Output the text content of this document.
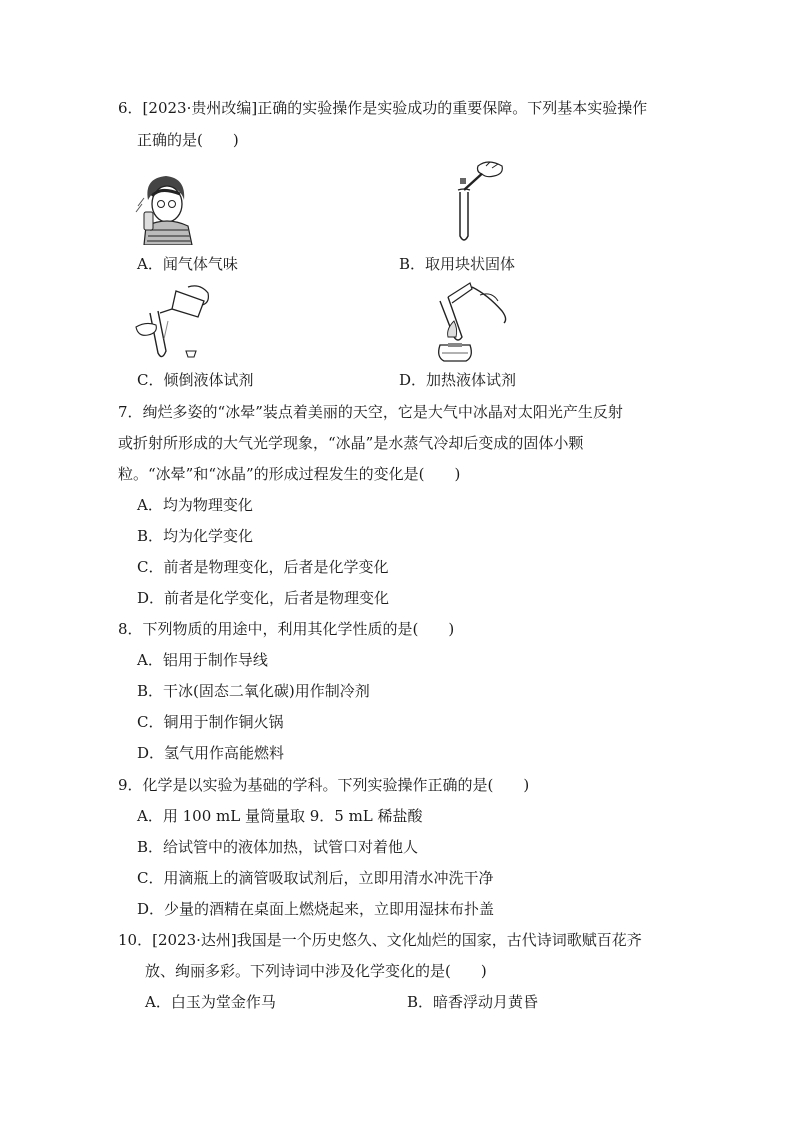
6．[2023·贵州改编]正确的实验操作是实验成功的重要保障。下列基本实验操作
正确的是(　　)
A．闻气体气味	B．取用块状固体
C．倾倒液体试剂	D．加热液体试剂
7．绚烂多姿的“冰晕”装点着美丽的天空，它是大气中冰晶对太阳光产生反射
或折射所形成的大气光学现象，“冰晶”是水蒸气冷却后变成的固体小颗
粒。“冰晕”和“冰晶”的形成过程发生的变化是(　　)
A．均为物理变化
B．均为化学变化
C．前者是物理变化，后者是化学变化
D．前者是化学变化，后者是物理变化
8．下列物质的用途中，利用其化学性质的是(　　)
A．铝用于制作导线
B．干冰(固态二氧化碳)用作制冷剂
C．铜用于制作铜火锅
D．氢气用作高能燃料
9．化学是以实验为基础的学科。下列实验操作正确的是(　　)
A．用 100 mL 量筒量取 9．5 mL 稀盐酸
B．给试管中的液体加热，试管口对着他人
C．用滴瓶上的滴管吸取试剂后，立即用清水冲洗干净
D．少量的酒精在桌面上燃烧起来，立即用湿抹布扑盖
10．[2023·达州]我国是一个历史悠久、文化灿烂的国家，古代诗词歌赋百花齐
放、绚丽多彩。下列诗词中涉及化学变化的是(　　)
A．白玉为堂金作马	B．暗香浮动月黄昏
